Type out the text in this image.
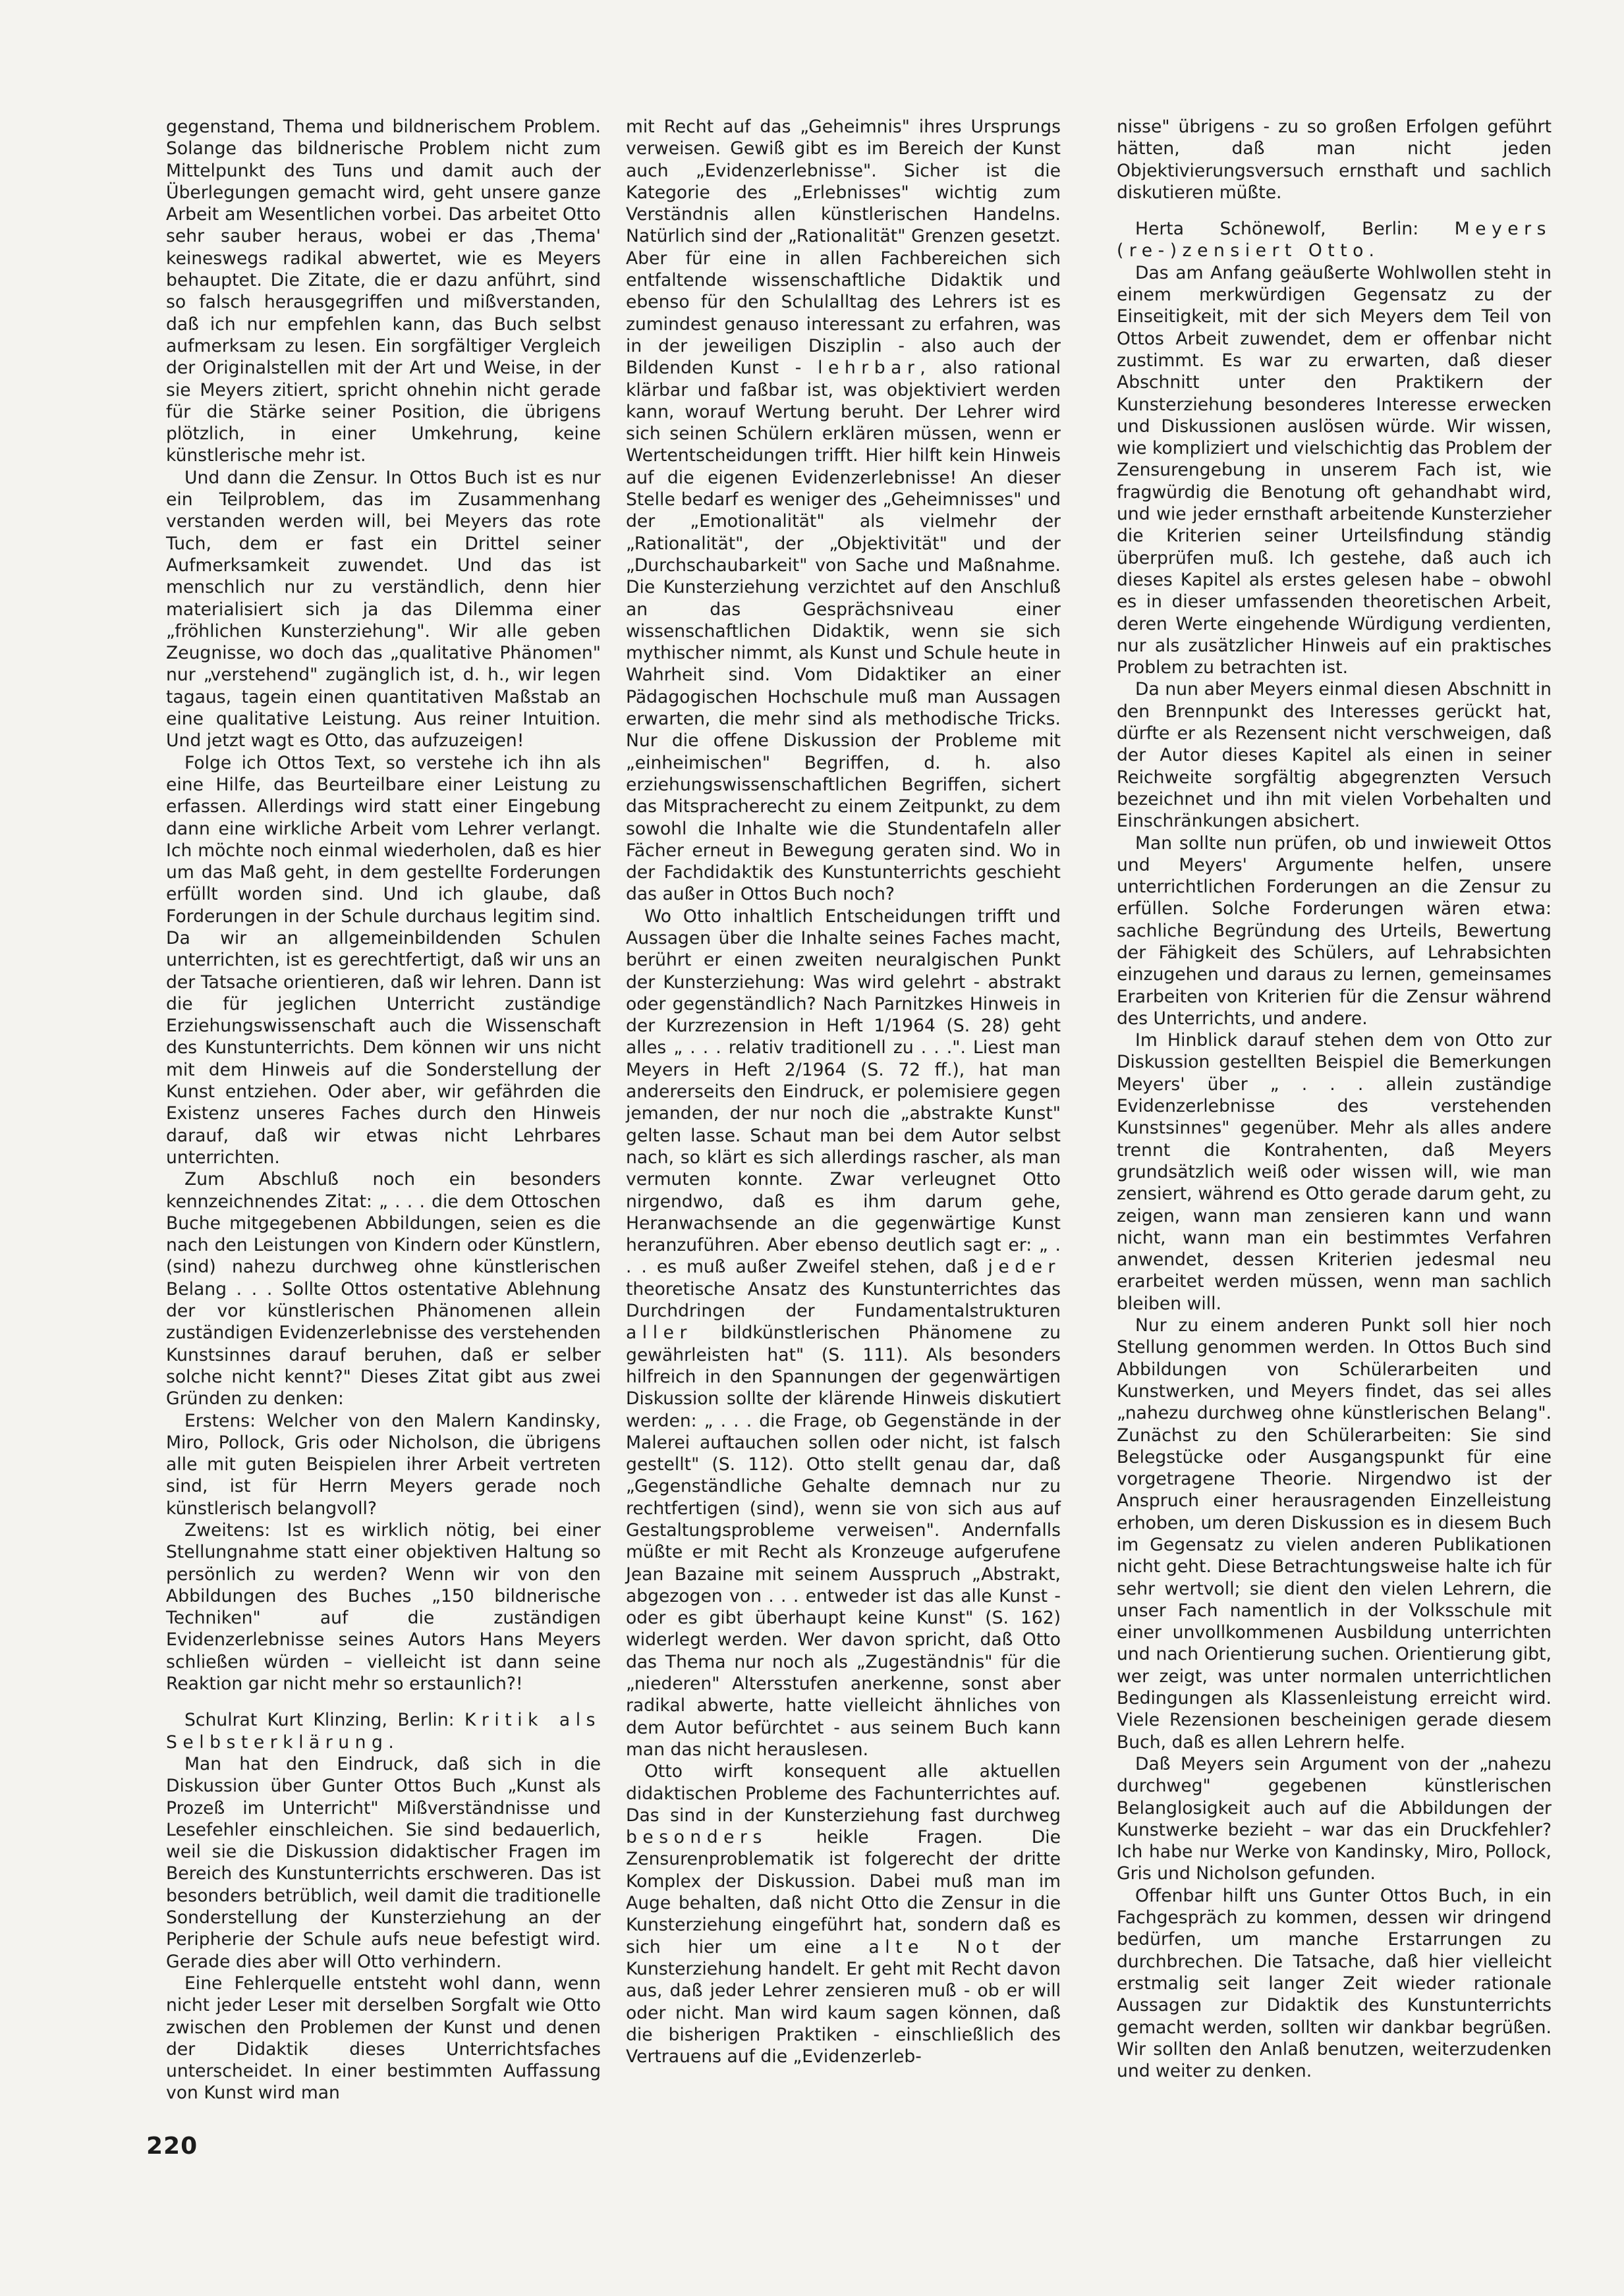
gegenstand, Thema und bildnerischem Problem. Solange das bildnerische Problem nicht zum Mittelpunkt des Tuns und damit auch der Überlegungen gemacht wird, geht unsere ganze Arbeit am Wesentlichen vorbei. Das arbeitet Otto sehr sauber heraus, wobei er das ‚Thema' keineswegs radikal abwertet, wie es Meyers behauptet. Die Zitate, die er dazu anführt, sind so falsch herausgegriffen und mißverstanden, daß ich nur empfehlen kann, das Buch selbst aufmerksam zu lesen. Ein sorgfältiger Vergleich der Originalstellen mit der Art und Weise, in der sie Meyers zitiert, spricht ohnehin nicht gerade für die Stärke seiner Position, die übrigens plötzlich, in einer Umkehrung, keine künstlerische mehr ist.

Und dann die Zensur. In Ottos Buch ist es nur ein Teilproblem, das im Zusammenhang verstanden werden will, bei Meyers das rote Tuch, dem er fast ein Drittel seiner Aufmerksamkeit zuwendet. Und das ist menschlich nur zu verständlich, denn hier materialisiert sich ja das Dilemma einer „fröhlichen Kunsterziehung". Wir alle geben Zeugnisse, wo doch das „qualitative Phänomen" nur „verstehend" zugänglich ist, d. h., wir legen tagaus, tagein einen quantitativen Maßstab an eine qualitative Leistung. Aus reiner Intuition. Und jetzt wagt es Otto, das aufzuzeigen!

Folge ich Ottos Text, so verstehe ich ihn als eine Hilfe, das Beurteilbare einer Leistung zu erfassen. Allerdings wird statt einer Eingebung dann eine wirkliche Arbeit vom Lehrer verlangt. Ich möchte noch einmal wiederholen, daß es hier um das Maß geht, in dem gestellte Forderungen erfüllt worden sind. Und ich glaube, daß Forderungen in der Schule durchaus legitim sind. Da wir an allgemeinbildenden Schulen unterrichten, ist es gerechtfertigt, daß wir uns an der Tatsache orientieren, daß wir lehren. Dann ist die für jeglichen Unterricht zuständige Erziehungswissenschaft auch die Wissenschaft des Kunstunterrichts. Dem können wir uns nicht mit dem Hinweis auf die Sonderstellung der Kunst entziehen. Oder aber, wir gefährden die Existenz unseres Faches durch den Hinweis darauf, daß wir etwas nicht Lehrbares unterrichten.

Zum Abschluß noch ein besonders kennzeichnendes Zitat: „ . . . die dem Ottoschen Buche mitgegebenen Abbildungen, seien es die nach den Leistungen von Kindern oder Künstlern, (sind) nahezu durchweg ohne künstlerischen Belang . . . Sollte Ottos ostentative Ablehnung der vor künstlerischen Phänomenen allein zuständigen Evidenzerlebnisse des verstehenden Kunstsinnes darauf beruhen, daß er selber solche nicht kennt?" Dieses Zitat gibt aus zwei Gründen zu denken:

Erstens: Welcher von den Malern Kandinsky, Miro, Pollock, Gris oder Nicholson, die übrigens alle mit guten Beispielen ihrer Arbeit vertreten sind, ist für Herrn Meyers gerade noch künstlerisch belangvoll?

Zweitens: Ist es wirklich nötig, bei einer Stellungnahme statt einer objektiven Haltung so persönlich zu werden? Wenn wir von den Abbildungen des Buches „150 bildnerische Techniken" auf die zuständigen Evidenzerlebnisse seines Autors Hans Meyers schließen würden – vielleicht ist dann seine Reaktion gar nicht mehr so erstaunlich?!

Schulrat Kurt Klinzing, Berlin: Kritik als Selbsterklärung.

Man hat den Eindruck, daß sich in die Diskussion über Gunter Ottos Buch „Kunst als Prozeß im Unterricht" Mißverständnisse und Lesefehler einschleichen. Sie sind bedauerlich, weil sie die Diskussion didaktischer Fragen im Bereich des Kunstunterrichts erschweren. Das ist besonders betrüblich, weil damit die traditionelle Sonderstellung der Kunsterziehung an der Peripherie der Schule aufs neue befestigt wird. Gerade dies aber will Otto verhindern.

Eine Fehlerquelle entsteht wohl dann, wenn nicht jeder Leser mit derselben Sorgfalt wie Otto zwischen den Problemen der Kunst und denen der Didaktik dieses Unterrichtsfaches unterscheidet. In einer bestimmten Auffassung von Kunst wird man

mit Recht auf das „Geheimnis" ihres Ursprungs verweisen. Gewiß gibt es im Bereich der Kunst auch „Evidenzerlebnisse". Sicher ist die Kategorie des „Erlebnisses" wichtig zum Verständnis allen künstlerischen Handelns. Natürlich sind der „Rationalität" Grenzen gesetzt. Aber für eine in allen Fachbereichen sich entfaltende wissenschaftliche Didaktik und ebenso für den Schulalltag des Lehrers ist es zumindest genauso interessant zu erfahren, was in der jeweiligen Disziplin - also auch der Bildenden Kunst - lehrbar, also rational klärbar und faßbar ist, was objektiviert werden kann, worauf Wertung beruht. Der Lehrer wird sich seinen Schülern erklären müssen, wenn er Wertentscheidungen trifft. Hier hilft kein Hinweis auf die eigenen Evidenzerlebnisse! An dieser Stelle bedarf es weniger des „Geheimnisses" und der „Emotionalität" als vielmehr der „Rationalität", der „Objektivität" und der „Durchschaubarkeit" von Sache und Maßnahme. Die Kunsterziehung verzichtet auf den Anschluß an das Gesprächsniveau einer wissenschaftlichen Didaktik, wenn sie sich mythischer nimmt, als Kunst und Schule heute in Wahrheit sind. Vom Didaktiker an einer Pädagogischen Hochschule muß man Aussagen erwarten, die mehr sind als methodische Tricks. Nur die offene Diskussion der Probleme mit „einheimischen" Begriffen, d. h. also erziehungswissenschaftlichen Begriffen, sichert das Mitspracherecht zu einem Zeitpunkt, zu dem sowohl die Inhalte wie die Stundentafeln aller Fächer erneut in Bewegung geraten sind. Wo in der Fachdidaktik des Kunstunterrichts geschieht das außer in Ottos Buch noch?

Wo Otto inhaltlich Entscheidungen trifft und Aussagen über die Inhalte seines Faches macht, berührt er einen zweiten neuralgischen Punkt der Kunsterziehung: Was wird gelehrt - abstrakt oder gegenständlich? Nach Parnitzkes Hinweis in der Kurzrezension in Heft 1/1964 (S. 28) geht alles „ . . . relativ traditionell zu . . .". Liest man Meyers in Heft 2/1964 (S. 72 ff.), hat man andererseits den Eindruck, er polemisiere gegen jemanden, der nur noch die „abstrakte Kunst" gelten lasse. Schaut man bei dem Autor selbst nach, so klärt es sich allerdings rascher, als man vermuten konnte. Zwar verleugnet Otto nirgendwo, daß es ihm darum gehe, Heranwachsende an die gegenwärtige Kunst heranzuführen. Aber ebenso deutlich sagt er: „ . . . es muß außer Zweifel stehen, daß jeder theoretische Ansatz des Kunstunterrichtes das Durchdringen der Fundamentalstrukturen aller bildkünstlerischen Phänomene zu gewährleisten hat" (S. 111). Als besonders hilfreich in den Spannungen der gegenwärtigen Diskussion sollte der klärende Hinweis diskutiert werden: „ . . . die Frage, ob Gegenstände in der Malerei auftauchen sollen oder nicht, ist falsch gestellt" (S. 112). Otto stellt genau dar, daß „Gegenständliche Gehalte demnach nur zu rechtfertigen (sind), wenn sie von sich aus auf Gestaltungsprobleme verweisen". Andernfalls müßte er mit Recht als Kronzeuge aufgerufene Jean Bazaine mit seinem Ausspruch „Abstrakt, abgezogen von . . . entweder ist das alle Kunst - oder es gibt überhaupt keine Kunst" (S. 162) widerlegt werden. Wer davon spricht, daß Otto das Thema nur noch als „Zugeständnis" für die „niederen" Altersstufen anerkenne, sonst aber radikal abwerte, hatte vielleicht ähnliches von dem Autor befürchtet - aus seinem Buch kann man das nicht herauslesen.

Otto wirft konsequent alle aktuellen didaktischen Probleme des Fachunterrichtes auf. Das sind in der Kunsterziehung fast durchweg besonders	heikle Fragen. Die Zensurenproblematik ist folgerecht der dritte Komplex der Diskussion. Dabei muß man im Auge behalten, daß nicht Otto die Zensur in die Kunsterziehung eingeführt hat, sondern daß es sich hier um eine alte Not der Kunsterziehung handelt. Er geht mit Recht davon aus, daß jeder Lehrer zensieren muß - ob er will oder nicht. Man wird kaum sagen können, daß die bisherigen Praktiken - einschließlich des Vertrauens auf die „Evidenzerleb-

nisse" übrigens - zu so großen Erfolgen geführt hätten, daß man nicht jeden Objektivierungsversuch ernsthaft und sachlich diskutieren müßte.

Herta Schönewolf, Berlin: Meyers (re-)zensiert Otto.

Das am Anfang geäußerte Wohlwollen steht in einem merkwürdigen Gegensatz zu der Einseitigkeit, mit der sich Meyers dem Teil von Ottos Arbeit zuwendet, dem er offenbar nicht zustimmt. Es war zu erwarten, daß dieser Abschnitt unter den Praktikern der Kunsterziehung besonderes Interesse erwecken und Diskussionen auslösen würde. Wir wissen, wie kompliziert und vielschichtig das Problem der Zensurengebung in unserem Fach ist, wie fragwürdig die Benotung oft gehandhabt wird, und wie jeder ernsthaft arbeitende Kunsterzieher die Kriterien seiner Urteilsfindung ständig überprüfen muß. Ich gestehe, daß auch ich dieses Kapitel als erstes gelesen habe – obwohl es in dieser umfassenden theoretischen Arbeit, deren Werte eingehende Würdigung verdienten, nur als zusätzlicher Hinweis auf ein praktisches Problem zu betrachten ist.

Da nun aber Meyers einmal diesen Abschnitt in den Brennpunkt des Interesses gerückt hat, dürfte er als Rezensent nicht verschweigen, daß der Autor dieses Kapitel als einen in seiner Reichweite sorgfältig abgegrenzten Versuch bezeichnet und ihn mit vielen Vorbehalten und Einschränkungen absichert.

Man sollte nun prüfen, ob und inwieweit Ottos und Meyers' Argumente helfen, unsere unterrichtlichen Forderungen an die Zensur zu erfüllen. Solche Forderungen wären etwa: sachliche Begründung des Urteils, Bewertung der Fähigkeit des Schülers, auf Lehrabsichten einzugehen und daraus zu lernen, gemeinsames Erarbeiten von Kriterien für die Zensur während des Unterrichts, und andere.

Im Hinblick darauf stehen dem von Otto zur Diskussion gestellten Beispiel die Bemerkungen Meyers' über „ . . . allein zuständige Evidenzerlebnisse des verstehenden Kunstsinnes" gegenüber. Mehr als alles andere trennt die Kontrahenten, daß Meyers grundsätzlich weiß oder wissen will, wie man zensiert, während es Otto gerade darum geht, zu zeigen, wann man zensieren kann und wann nicht, wann man ein bestimmtes Verfahren anwendet, dessen Kriterien jedesmal neu erarbeitet werden müssen, wenn man sachlich bleiben will.

Nur zu einem anderen Punkt soll hier noch Stellung genommen werden. In Ottos Buch sind Abbildungen von Schülerarbeiten und Kunstwerken, und Meyers findet, das sei alles „nahezu durchweg ohne künstlerischen Belang". Zunächst zu den Schülerarbeiten: Sie sind Belegstücke oder Ausgangspunkt für eine vorgetragene Theorie. Nirgendwo ist der Anspruch einer herausragenden Einzelleistung erhoben, um deren Diskussion es in diesem Buch im Gegensatz zu vielen anderen Publikationen nicht geht. Diese Betrachtungsweise halte ich für sehr wertvoll; sie dient den vielen Lehrern, die unser Fach namentlich in der Volksschule mit einer unvollkommenen Ausbildung unterrichten und nach Orientierung suchen. Orientierung gibt, wer zeigt, was unter normalen unterrichtlichen Bedingungen als Klassenleistung erreicht wird. Viele Rezensionen bescheinigen gerade diesem Buch, daß es allen Lehrern helfe.

Daß Meyers sein Argument von der „nahezu durchweg" gegebenen künstlerischen Belanglosigkeit auch auf die Abbildungen der Kunstwerke bezieht – war das ein Druckfehler? Ich habe nur Werke von Kandinsky, Miro, Pollock, Gris und Nicholson gefunden.

Offenbar hilft uns Gunter Ottos Buch, in ein Fachgespräch zu kommen, dessen wir dringend bedürfen, um manche Erstarrungen zu durchbrechen. Die Tatsache, daß hier vielleicht erstmalig seit langer Zeit wieder rationale Aussagen zur Didaktik des Kunstunterrichts gemacht werden, sollten wir dankbar begrüßen. Wir sollten den Anlaß benutzen, weiterzudenken und weiter zu denken.

220
